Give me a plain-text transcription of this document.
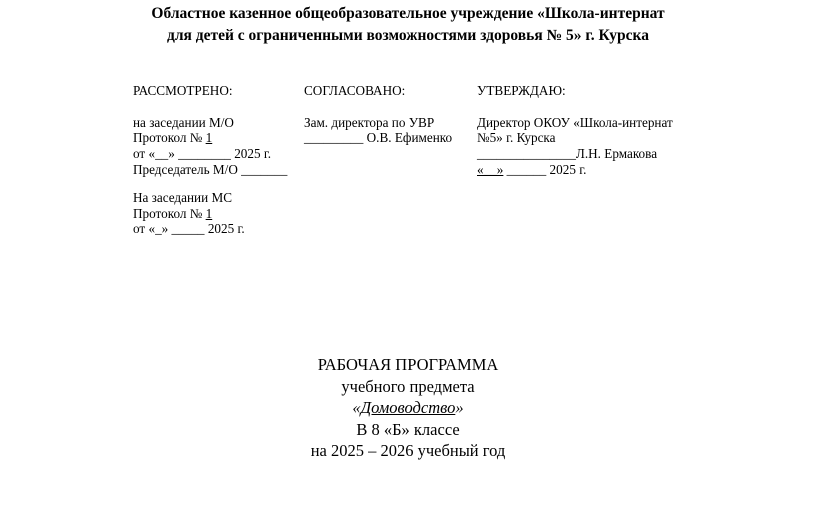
Областное казенное общеобразовательное учреждение «Школа-интернат
для детей с ограниченными возможностями здоровья № 5» г. Курска
РАССМОТРЕНО:
на заседании М/О
Протокол № 1
от «__» ________ 2025 г.
Председатель М/О _______
На заседании МС
Протокол № 1
от «_» _____ 2025 г.
СОГЛАСОВАНО:
Зам. директора по УВР
_________ О.В. Ефименко
УТВЕРЖДАЮ:
Директор ОКОУ «Школа-интернат
№5» г. Курска
_______________Л.Н. Ермакова
«__» ______ 2025 г.
РАБОЧАЯ ПРОГРАММА
учебного предмета
«Домоводство»
В 8 «Б» классе
на 2025 – 2026 учебный год
